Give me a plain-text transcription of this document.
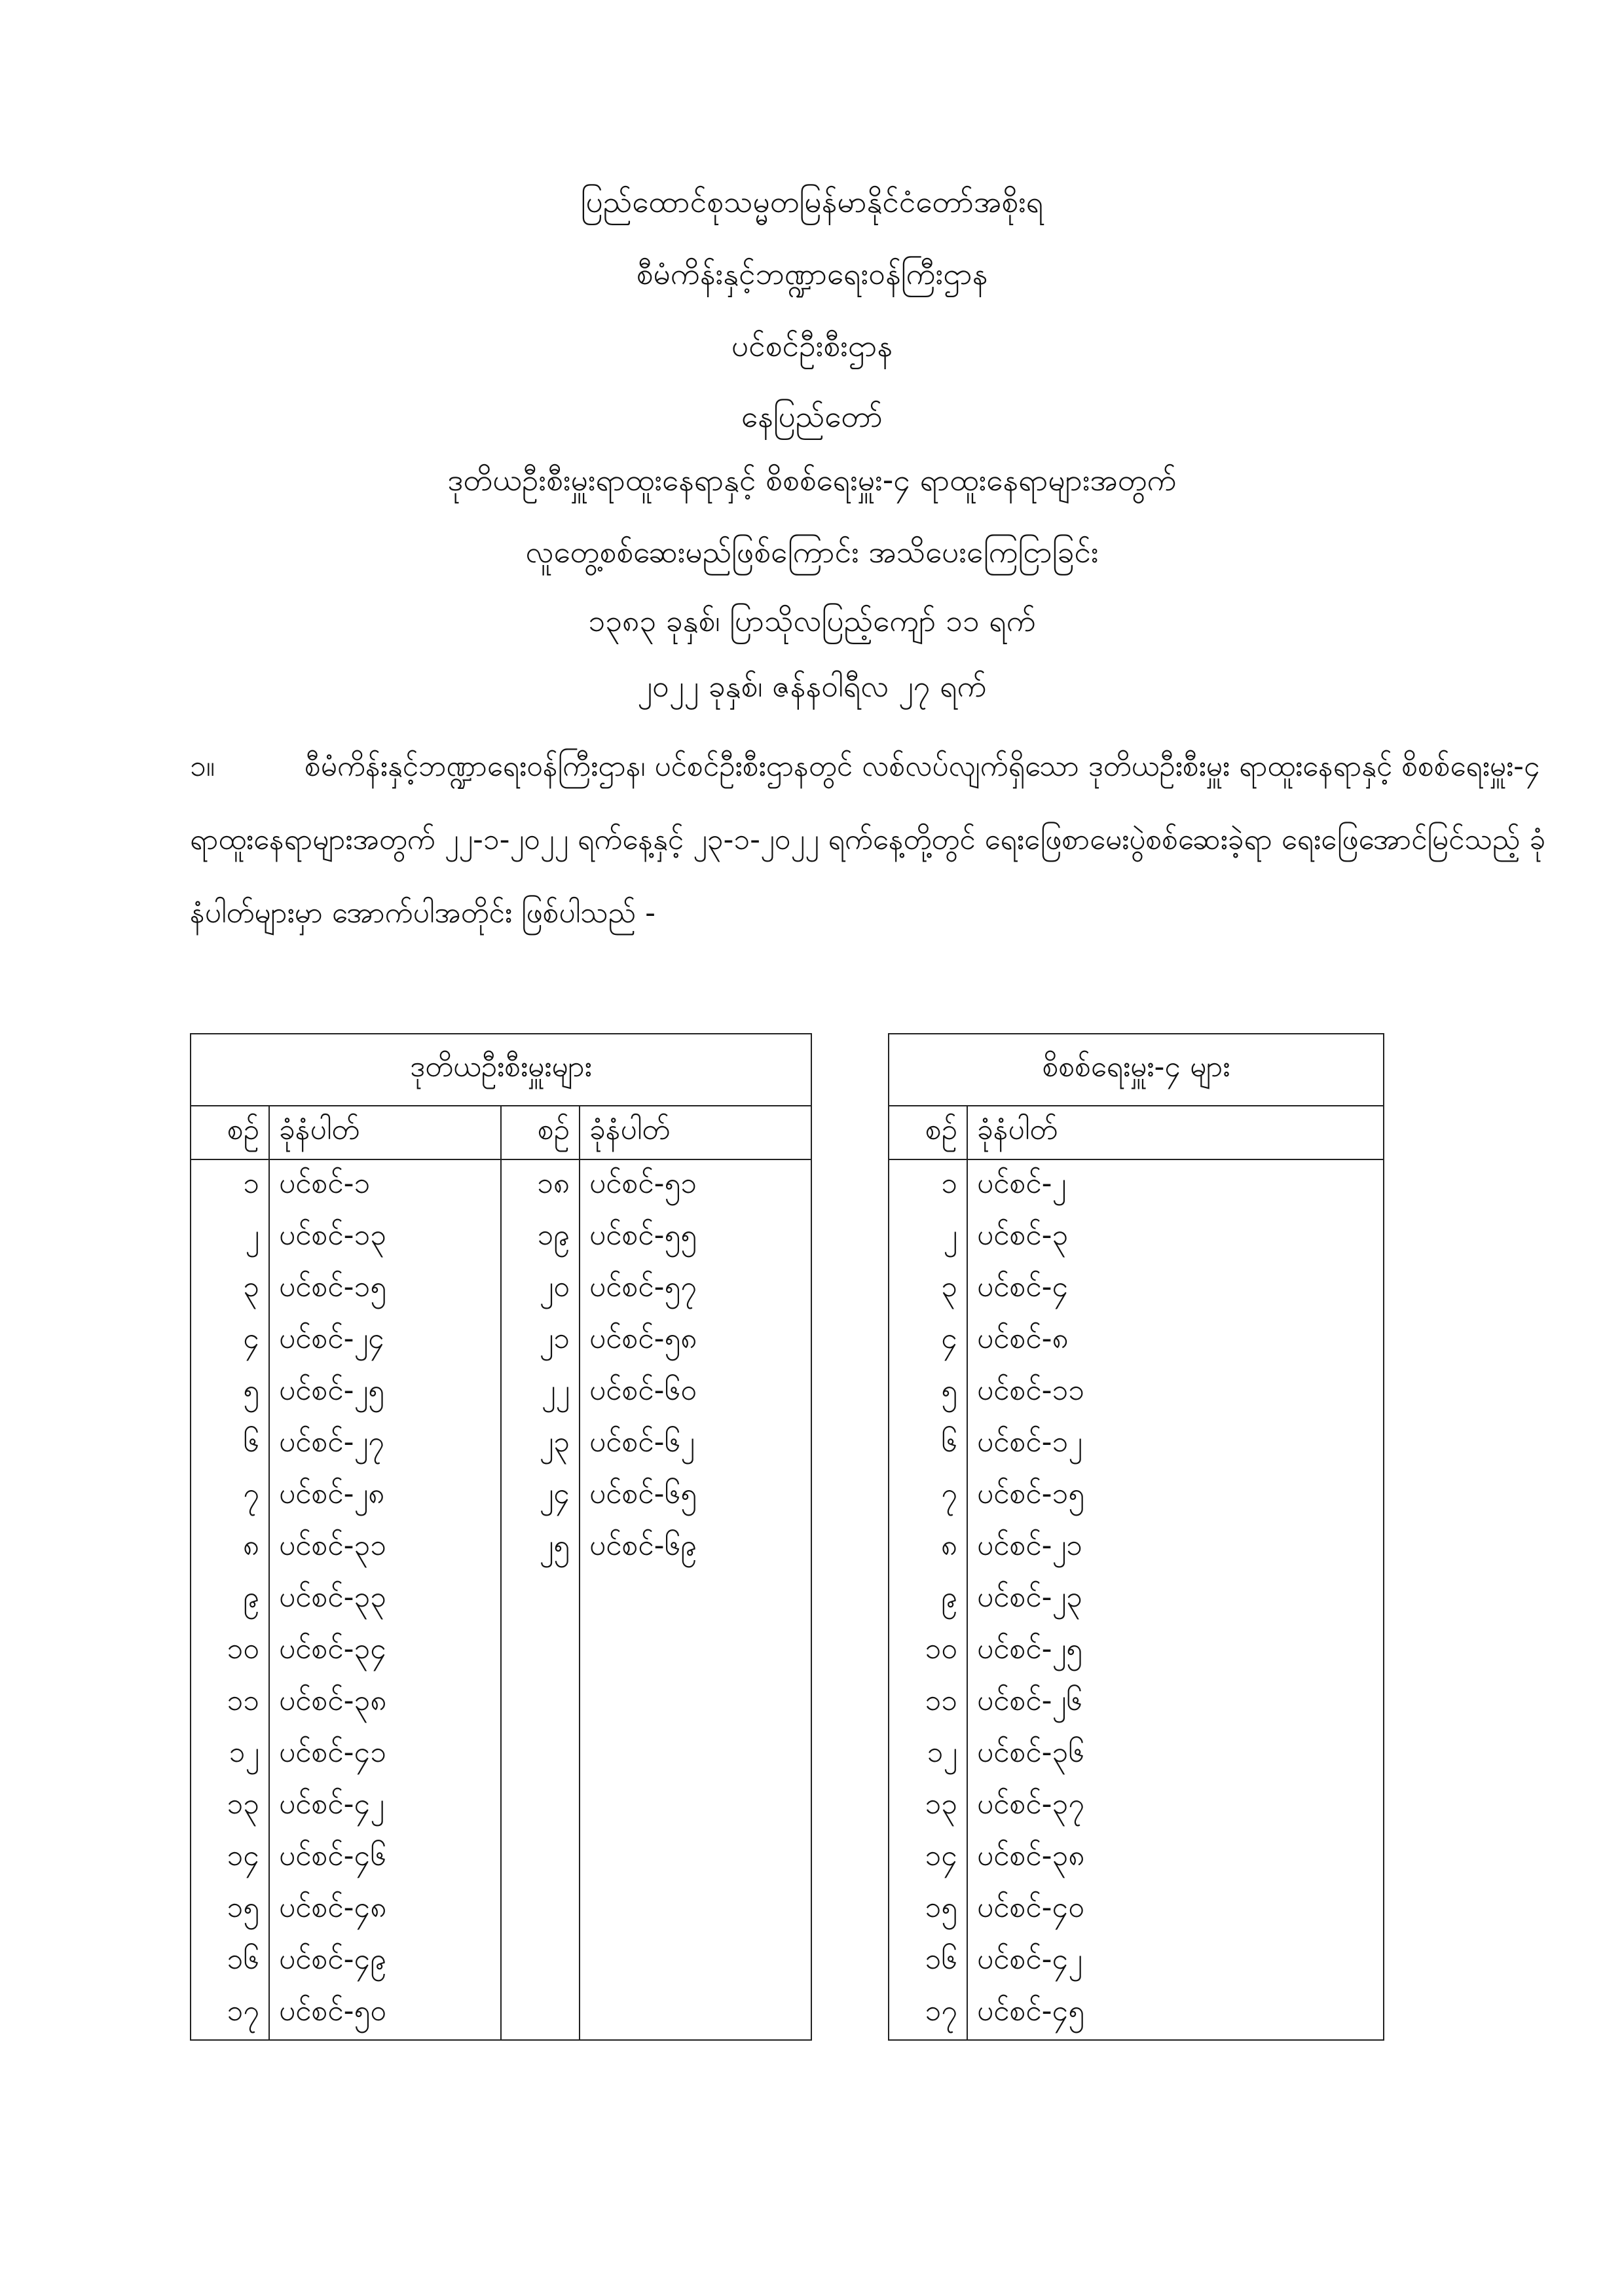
ပြည်ထောင်စုသမ္မတမြန်မာနိုင်ငံတော်အစိုးရ
စီမံကိန်းနှင့်ဘဏ္ဍာရေးဝန်ကြီးဌာန
ပင်စင်ဦးစီးဌာန
နေပြည်တော်
ဒုတိယဦးစီးမှူးရာထူးနေရာနှင့် စိစစ်ရေးမှူး-၄ ရာထူးနေရာများအတွက်
လူတွေ့စစ်ဆေးမည်ဖြစ်ကြောင်း အသိပေးကြေငြာခြင်း
၁၃၈၃ ခုနှစ်၊ ပြာသိုလပြည့်ကျော် ၁၁ ရက်
၂၀၂၂ ခုနှစ်၊ ဇန်နဝါရီလ ၂၇ ရက်
၁။	စီမံကိန်းနှင့်ဘဏ္ဍာရေးဝန်ကြီးဌာန၊ ပင်စင်ဦးစီးဌာနတွင် လစ်လပ်လျက်ရှိသော ဒုတိယဦးစီးမှူး ရာထူးနေရာနှင့် စိစစ်ရေးမှူး-၄ ရာထူးနေရာများအတွက် ၂၂-၁-၂၀၂၂ ရက်နေ့နှင့် ၂၃-၁-၂၀၂၂ ရက်နေ့တို့တွင် ရေးဖြေစာမေးပွဲစစ်ဆေးခဲ့ရာ ရေးဖြေအောင်မြင်သည့် ခုံနံပါတ်များမှာ အောက်ပါအတိုင်း ဖြစ်ပါသည် -
ဒုတိယဦးစီးမှူးများ			
စဉ်	ခုံနံပါတ်	စဉ်	ခုံနံပါတ်
၁	ပင်စင်-၁	၁၈	ပင်စင်-၅၁
၂	ပင်စင်-၁၃	၁၉	ပင်စင်-၅၅
၃	ပင်စင်-၁၅	၂၀	ပင်စင်-၅၇
၄	ပင်စင်-၂၄	၂၁	ပင်စင်-၅၈
၅	ပင်စင်-၂၅	၂၂	ပင်စင်-၆၀
၆	ပင်စင်-၂၇	၂၃	ပင်စင်-၆၂
၇	ပင်စင်-၂၈	၂၄	ပင်စင်-၆၅
၈	ပင်စင်-၃၁	၂၅	ပင်စင်-၆၉
၉	ပင်စင်-၃၃		
၁၀	ပင်စင်-၃၄		
၁၁	ပင်စင်-၃၈		
၁၂	ပင်စင်-၄၁		
၁၃	ပင်စင်-၄၂		
၁၄	ပင်စင်-၄၆		
၁၅	ပင်စင်-၄၈		
၁၆	ပင်စင်-၄၉		
၁၇	ပင်စင်-၅၀		
စိစစ်ရေးမှူး-၄ များ	
စဉ်	ခုံနံပါတ်
၁	ပင်စင်-၂
၂	ပင်စင်-၃
၃	ပင်စင်-၄
၄	ပင်စင်-၈
၅	ပင်စင်-၁၁
၆	ပင်စင်-၁၂
၇	ပင်စင်-၁၅
၈	ပင်စင်-၂၁
၉	ပင်စင်-၂၃
၁၀	ပင်စင်-၂၅
၁၁	ပင်စင်-၂၆
၁၂	ပင်စင်-၃၆
၁၃	ပင်စင်-၃၇
၁၄	ပင်စင်-၃၈
၁၅	ပင်စင်-၄၀
၁၆	ပင်စင်-၄၂
၁၇	ပင်စင်-၄၅
